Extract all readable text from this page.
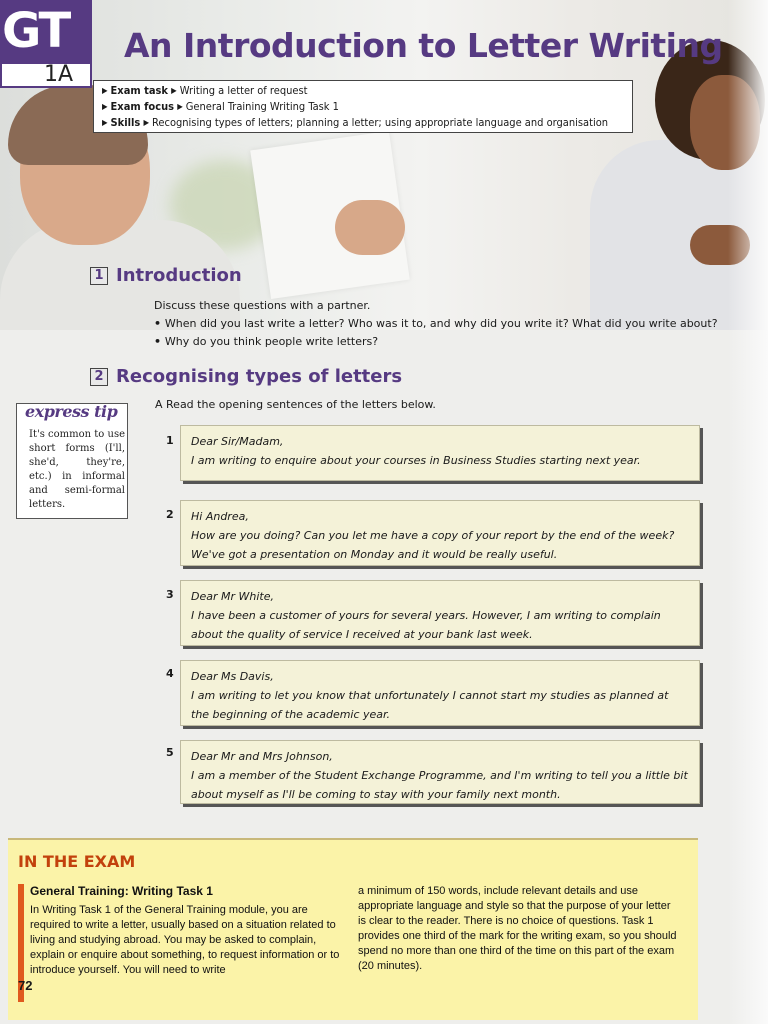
GT
1A
An Introduction to Letter Writing
▶ Exam task ▶ Writing a letter of request
▶ Exam focus ▶ General Training Writing Task 1
▶ Skills ▶ Recognising types of letters; planning a letter; using appropriate language and organisation
1 Introduction
Discuss these questions with a partner.
• When did you last write a letter? Who was it to, and why did you write it? What did you write about?
• Why do you think people write letters?
2 Recognising types of letters
A Read the opening sentences of the letters below.
express tip
It's common to use short forms (I'll, she'd, they're, etc.) in informal and semi-formal letters.
1 Dear Sir/Madam,
I am writing to enquire about your courses in Business Studies starting next year.
2 Hi Andrea,
How are you doing? Can you let me have a copy of your report by the end of the week? We've got a presentation on Monday and it would be really useful.
3 Dear Mr White,
I have been a customer of yours for several years. However, I am writing to complain about the quality of service I received at your bank last week.
4 Dear Ms Davis,
I am writing to let you know that unfortunately I cannot start my studies as planned at the beginning of the academic year.
5 Dear Mr and Mrs Johnson,
I am a member of the Student Exchange Programme, and I'm writing to tell you a little bit about myself as I'll be coming to stay with your family next month.
IN THE EXAM
General Training: Writing Task 1
In Writing Task 1 of the General Training module, you are required to write a letter, usually based on a situation related to living and studying abroad. You may be asked to complain, explain or enquire about something, to request information or to introduce yourself. You will need to write
a minimum of 150 words, include relevant details and use appropriate language and style so that the purpose of your letter is clear to the reader. There is no choice of questions. Task 1 provides one third of the mark for the writing exam, so you should spend no more than one third of the time on this part of the exam (20 minutes).
72
